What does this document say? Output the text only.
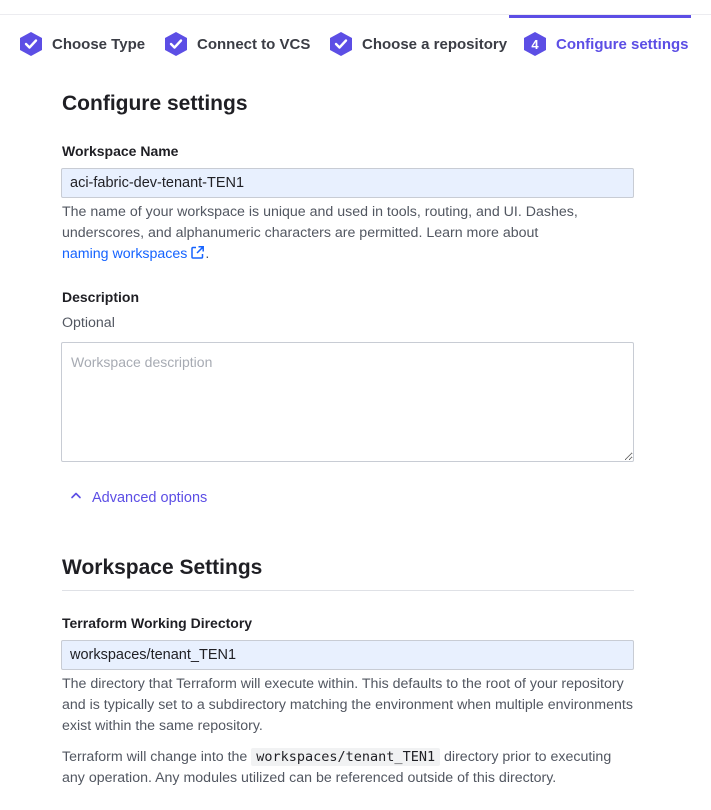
Choose Type	Connect to VCS	Choose a repository 4 Configure settings
Configure settings
Workspace Name
aci-fabric-dev-tenant-TEN1
The name of your workspace is unique and used in tools, routing, and UI. Dashes, underscores, and alphanumeric characters are permitted. Learn more about
naming workspaces .
Description
Optional
Workspace description
Advanced options
Workspace Settings
Terraform Working Directory
workspaces/tenant_TEN1
The directory that Terraform will execute within. This defaults to the root of your repository and is typically set to a subdirectory matching the environment when multiple environments exist within the same repository.
Terraform will change into the workspaces/tenant_TEN1 directory prior to executing any operation. Any modules utilized can be referenced outside of this directory.
